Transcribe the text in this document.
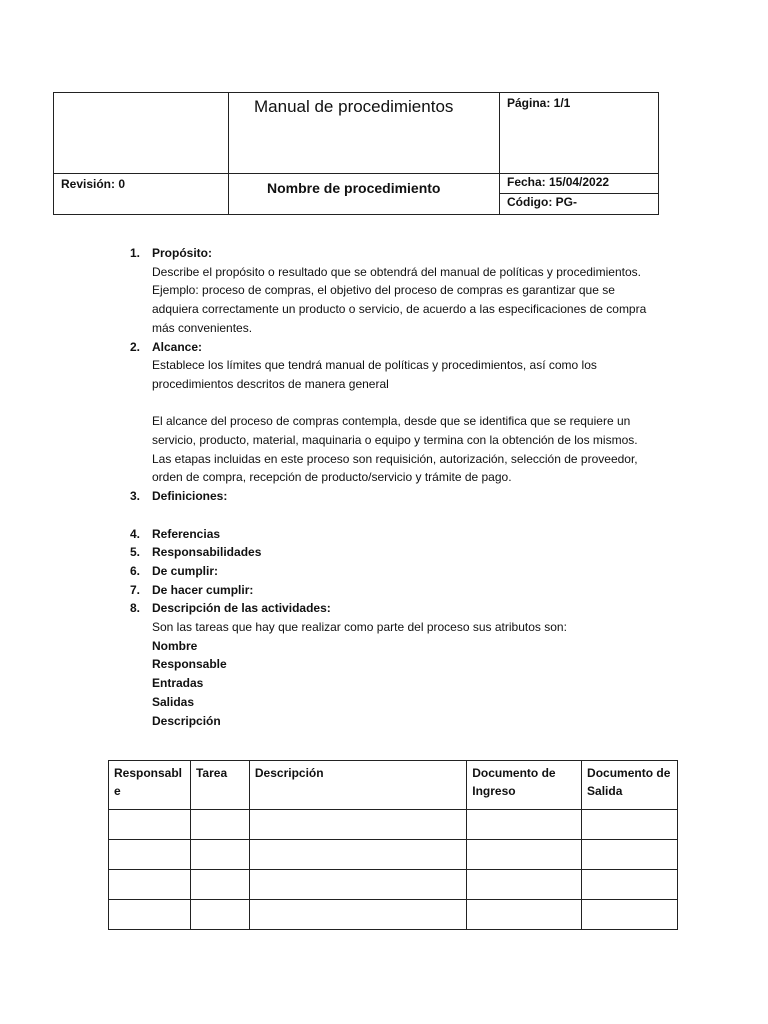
Manual de procedimientos	Página: 1/1
Revisión: 0	Nombre de procedimiento	Fecha: 15/04/2022
Código: PG-
1. Propósito:
Describe el propósito o resultado que se obtendrá del manual de políticas y procedimientos.
Ejemplo: proceso de compras, el objetivo del proceso de compras es garantizar que se adquiera correctamente un producto o servicio, de acuerdo a las especificaciones de compra más convenientes.
2. Alcance:
Establece los límites que tendrá manual de políticas y procedimientos, así como los procedimientos descritos de manera general
El alcance del proceso de compras contempla, desde que se identifica que se requiere un servicio, producto, material, maquinaria o equipo y termina con la obtención de los mismos. Las etapas incluidas en este proceso son requisición, autorización, selección de proveedor, orden de compra, recepción de producto/servicio y trámite de pago.
3. Definiciones:
4. Referencias
5. Responsabilidades
6. De cumplir:
7. De hacer cumplir:
8. Descripción de las actividades:
Son las tareas que hay que realizar como parte del proceso sus atributos son:
Nombre
Responsable
Entradas
Salidas
Descripción
Responsabl e	Tarea	Descripción	Documento de Ingreso	Documento de Salida
